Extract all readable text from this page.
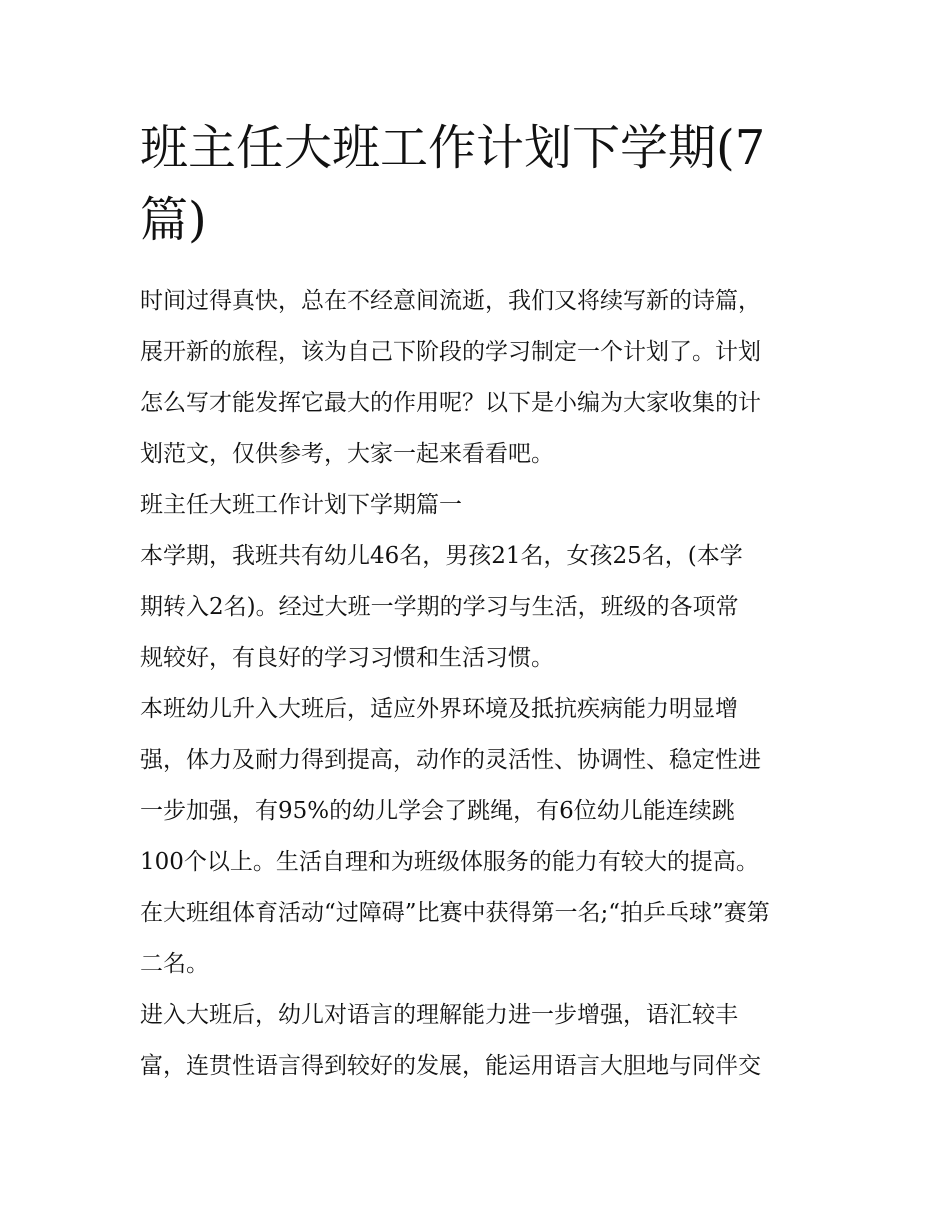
班主任大班工作计划下学期(7
篇)

时间过得真快，总在不经意间流逝，我们又将续写新的诗篇，
展开新的旅程，该为自己下阶段的学习制定一个计划了。计划
怎么写才能发挥它最大的作用呢？以下是小编为大家收集的计
划范文，仅供参考，大家一起来看看吧。

班主任大班工作计划下学期篇一

本学期，我班共有幼儿46名，男孩21名，女孩25名，(本学
期转入2名)。经过大班一学期的学习与生活，班级的各项常
规较好，有良好的学习习惯和生活习惯。

本班幼儿升入大班后，适应外界环境及抵抗疾病能力明显增
强，体力及耐力得到提高，动作的灵活性、协调性、稳定性进
一步加强，有95%的幼儿学会了跳绳，有6位幼儿能连续跳
100个以上。生活自理和为班级体服务的能力有较大的提高。
在大班组体育活动“过障碍”比赛中获得第一名;“拍乒乓球”赛第
二名。

进入大班后，幼儿对语言的理解能力进一步增强，语汇较丰
富，连贯性语言得到较好的发展，能运用语言大胆地与同伴交
